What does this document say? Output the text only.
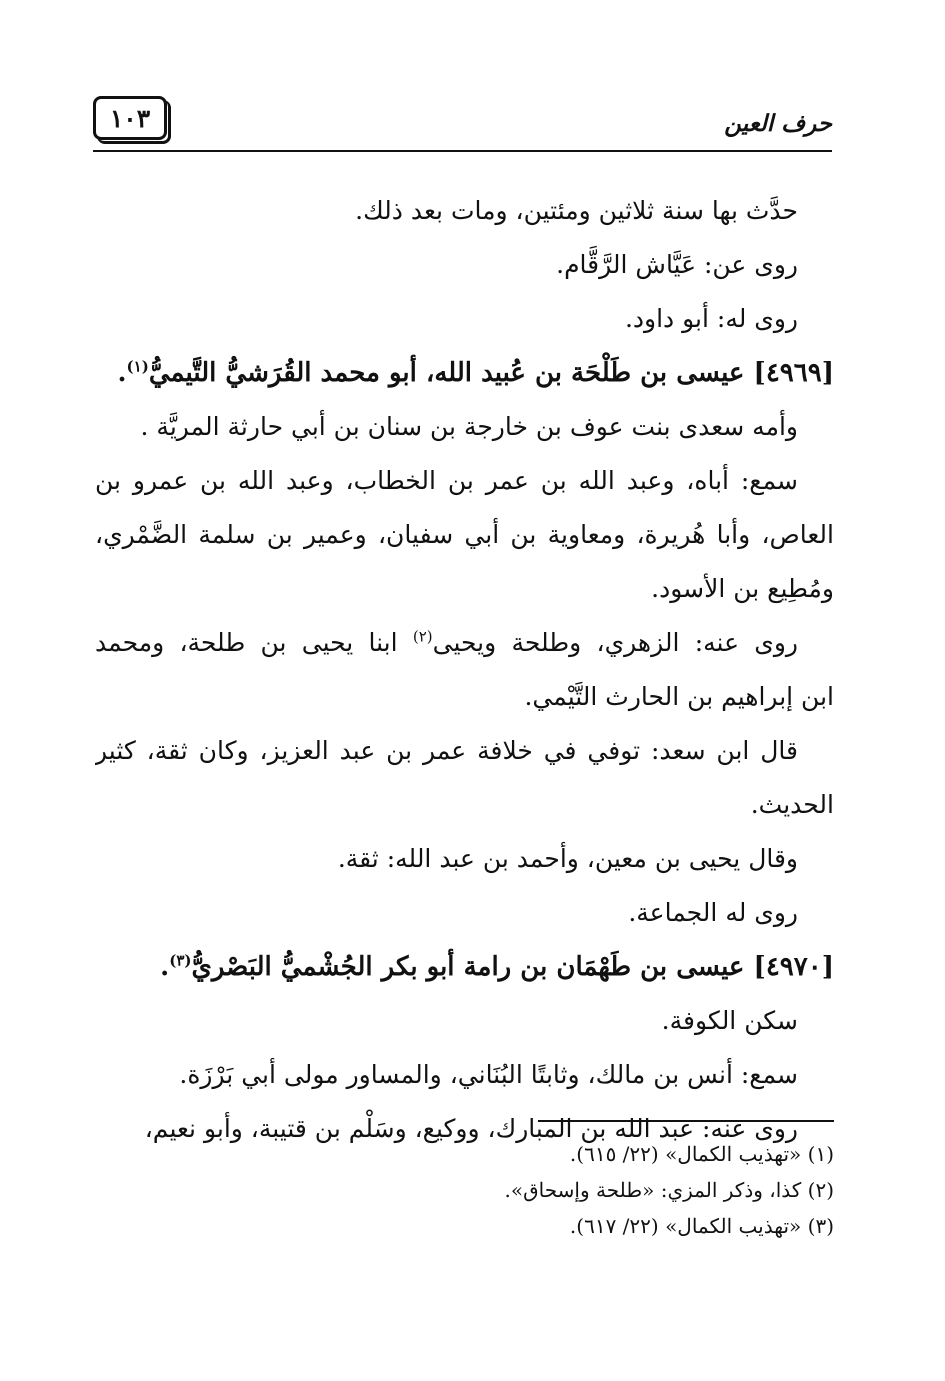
١٠٣	حرف العين
حدَّث بها سنة ثلاثين ومئتين، ومات بعد ذلك.
روى عن: عَيَّاش الرَّقَّام.
روى له: أبو داود.
[٤٩٦٩] عيسى بن طَلْحَة بن عُبيد الله، أبو محمد القُرَشيُّ التَّيميُّ$^{(١)}$.
وأمه سعدى بنت عوف بن خارجة بن سنان بن أبي حارثة المريَّة .
سمع: أباه، وعبد الله بن عمر بن الخطاب، وعبد الله بن عمرو بن
العاص، وأبا هُريرة، ومعاوية بن أبي سفيان، وعمير بن سلمة الضَّمْري،
ومُطِيع بن الأسود.
روى عنه: الزهري، وطلحة ويحيى$^{(٢)}$ ابنا يحيى بن طلحة، ومحمد
ابن إبراهيم بن الحارث التَّيْمي.
قال ابن سعد: توفي في خلافة عمر بن عبد العزيز، وكان ثقة، كثير
الحديث.
وقال يحيى بن معين، وأحمد بن عبد الله: ثقة.
روى له الجماعة.
[٤٩٧٠] عيسى بن طَهْمَان بن رامة أبو بكر الجُشْميُّ البَصْريُّ$^{(٣)}$.
سكن الكوفة.
سمع: أنس بن مالك، وثابتًا البُنَاني، والمساور مولى أبي بَرْزَة.
روى عنه: عبد الله بن المبارك، ووكيع، وسَلْم بن قتيبة، وأبو نعيم،
(١) «تهذيب الكمال» (٢٢/ ٦١٥).
(٢) كذا، وذكر المزي: «طلحة وإسحاق».
(٣) «تهذيب الكمال» (٢٢/ ٦١٧).
